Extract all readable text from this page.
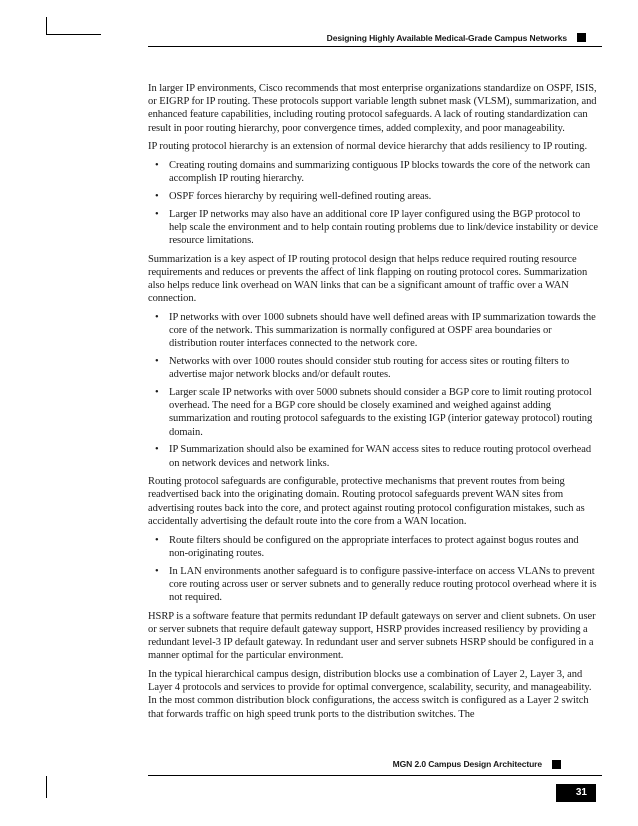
Designing Highly Available Medical-Grade Campus Networks

In larger IP environments, Cisco recommends that most enterprise organizations standardize on OSPF, ISIS, or EIGRP for IP routing. These protocols support variable length subnet mask (VLSM), summarization, and enhanced feature capabilities, including routing protocol safeguards. A lack of routing standardization can result in poor routing hierarchy, poor convergence times, added complexity, and poor manageability.

IP routing protocol hierarchy is an extension of normal device hierarchy that adds resiliency to IP routing.

• Creating routing domains and summarizing contiguous IP blocks towards the core of the network can accomplish IP routing hierarchy.
• OSPF forces hierarchy by requiring well-defined routing areas.
• Larger IP networks may also have an additional core IP layer configured using the BGP protocol to help scale the environment and to help contain routing problems due to link/device instability or device resource limitations.

Summarization is a key aspect of IP routing protocol design that helps reduce required routing resource requirements and reduces or prevents the affect of link flapping on routing protocol cores. Summarization also helps reduce link overhead on WAN links that can be a significant amount of traffic over a WAN connection.

• IP networks with over 1000 subnets should have well defined areas with IP summarization towards the core of the network. This summarization is normally configured at OSPF area boundaries or distribution router interfaces connected to the network core.
• Networks with over 1000 routes should consider stub routing for access sites or routing filters to advertise major network blocks and/or default routes.
• Larger scale IP networks with over 5000 subnets should consider a BGP core to limit routing protocol overhead. The need for a BGP core should be closely examined and weighed against adding summarization and routing protocol safeguards to the existing IGP (interior gateway protocol) routing domain.
• IP Summarization should also be examined for WAN access sites to reduce routing protocol overhead on network devices and network links.

Routing protocol safeguards are configurable, protective mechanisms that prevent routes from being readvertised back into the originating domain. Routing protocol safeguards prevent WAN sites from advertising routes back into the core, and protect against routing protocol configuration mistakes, such as accidentally advertising the default route into the core from a WAN location.

• Route filters should be configured on the appropriate interfaces to protect against bogus routes and non-originating routes.
• In LAN environments another safeguard is to configure passive-interface on access VLANs to prevent core routing across user or server subnets and to generally reduce routing protocol overhead where it is not required.

HSRP is a software feature that permits redundant IP default gateways on server and client subnets. On user or server subnets that require default gateway support, HSRP provides increased resiliency by providing a redundant level-3 IP default gateway. In redundant user and server subnets HSRP should be configured in a manner optimal for the particular environment.

In the typical hierarchical campus design, distribution blocks use a combination of Layer 2, Layer 3, and Layer 4 protocols and services to provide for optimal convergence, scalability, security, and manageability. In the most common distribution block configurations, the access switch is configured as a Layer 2 switch that forwards traffic on high speed trunk ports to the distribution switches. The

MGN 2.0 Campus Design Architecture
31
